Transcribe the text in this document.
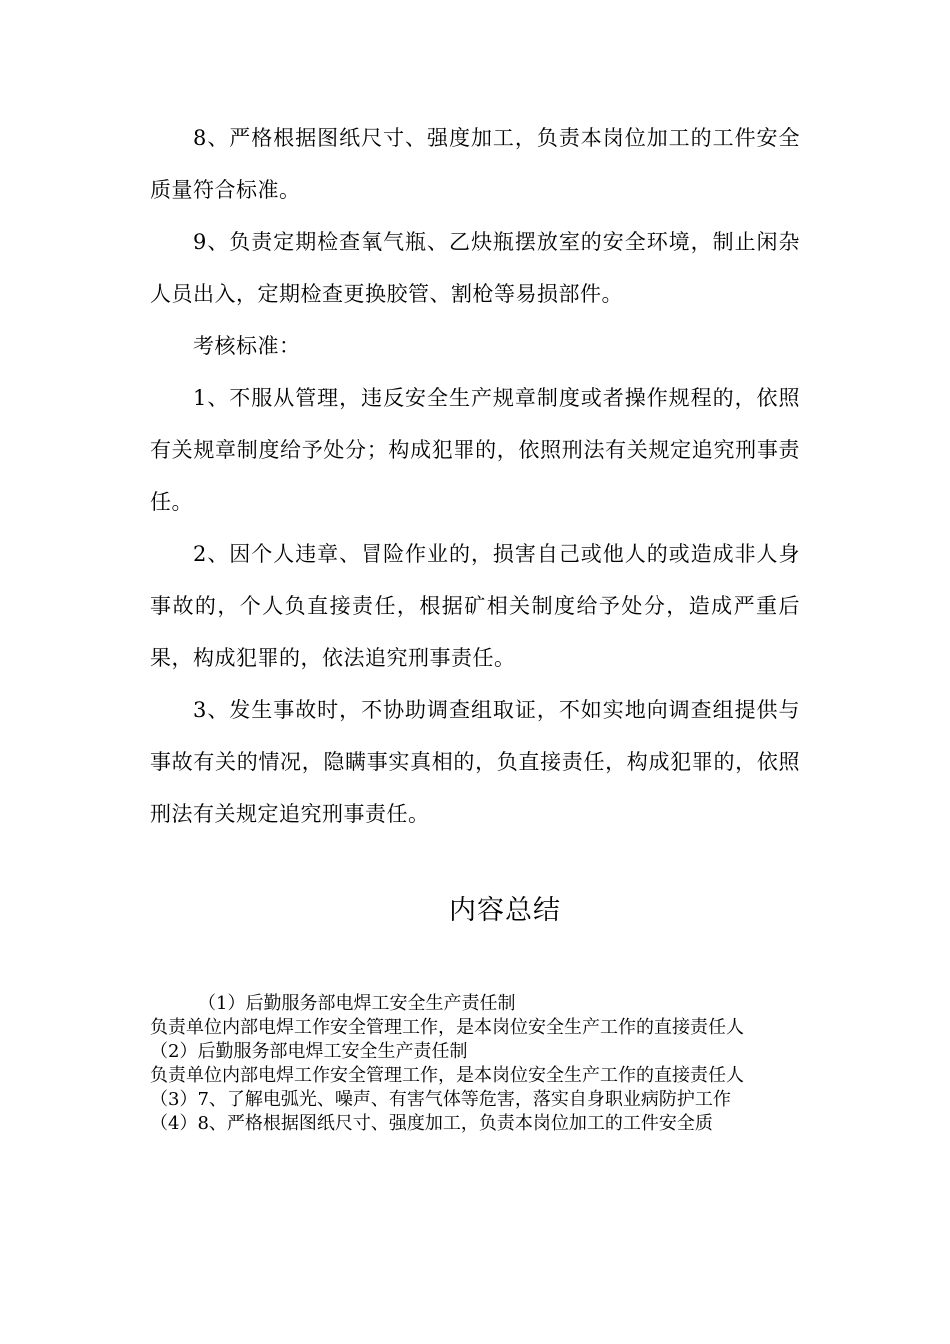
8、严格根据图纸尺寸、强度加工，负责本岗位加工的工件安全质量符合标准。

9、负责定期检查氧气瓶、乙炔瓶摆放室的安全环境，制止闲杂人员出入，定期检查更换胶管、割枪等易损部件。

考核标准：

1、不服从管理，违反安全生产规章制度或者操作规程的，依照有关规章制度给予处分；构成犯罪的，依照刑法有关规定追究刑事责任。

2、因个人违章、冒险作业的，损害自己或他人的或造成非人身事故的，个人负直接责任，根据矿相关制度给予处分，造成严重后果，构成犯罪的，依法追究刑事责任。

3、发生事故时，不协助调查组取证，不如实地向调查组提供与事故有关的情况，隐瞒事实真相的，负直接责任，构成犯罪的，依照刑法有关规定追究刑事责任。

内容总结

（1）后勤服务部电焊工安全生产责任制

负责单位内部电焊工作安全管理工作，是本岗位安全生产工作的直接责任人

（2）后勤服务部电焊工安全生产责任制

负责单位内部电焊工作安全管理工作，是本岗位安全生产工作的直接责任人

（3）7、了解电弧光、噪声、有害气体等危害，落实自身职业病防护工作

（4）8、严格根据图纸尺寸、强度加工，负责本岗位加工的工件安全质
